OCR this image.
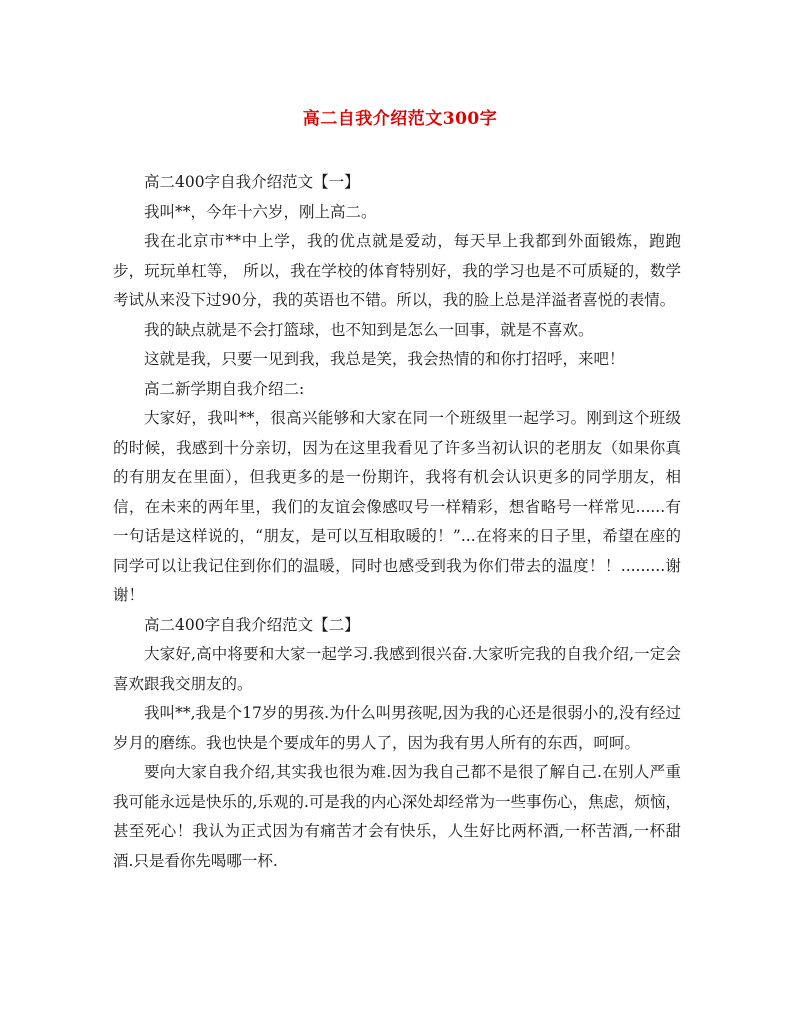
高二自我介绍范文300字

高二400字自我介绍范文【一】

我叫**，今年十六岁，刚上高二。

我在北京市**中上学，我的优点就是爱动，每天早上我都到外面锻炼，跑跑步，玩玩单杠等， 所以，我在学校的体育特别好，我的学习也是不可质疑的，数学考试从来没下过90分，我的英语也不错。所以，我的脸上总是洋溢者喜悦的表情。

我的缺点就是不会打篮球，也不知到是怎么一回事，就是不喜欢。

这就是我，只要一见到我，我总是笑，我会热情的和你打招呼，来吧！

高二新学期自我介绍二:

大家好，我叫**，很高兴能够和大家在同一个班级里一起学习。刚到这个班级的时候，我感到十分亲切，因为在这里我看见了许多当初认识的老朋友（如果你真的有朋友在里面），但我更多的是一份期许，我将有机会认识更多的同学朋友，相信，在未来的两年里，我们的友谊会像感叹号一样精彩，想省略号一样常见......有一句话是这样说的，“朋友，是可以互相取暖的！”...在将来的日子里，希望在座的同学可以让我记住到你们的温暖，同时也感受到我为你们带去的温度！！.........谢谢！

高二400字自我介绍范文【二】

大家好,高中将要和大家一起学习.我感到很兴奋.大家听完我的自我介绍,一定会喜欢跟我交朋友的。

我叫**,我是个17岁的男孩.为什么叫男孩呢,因为我的心还是很弱小的,没有经过岁月的磨练。我也快是个要成年的男人了，因为我有男人所有的东西，呵呵。

要向大家自我介绍,其实我也很为难.因为我自己都不是很了解自己.在别人严重我可能永远是快乐的,乐观的.可是我的内心深处却经常为一些事伤心，焦虑，烦恼，甚至死心！我认为正式因为有痛苦才会有快乐，人生好比两杯酒,一杯苦酒,一杯甜酒.只是看你先喝哪一杯.
